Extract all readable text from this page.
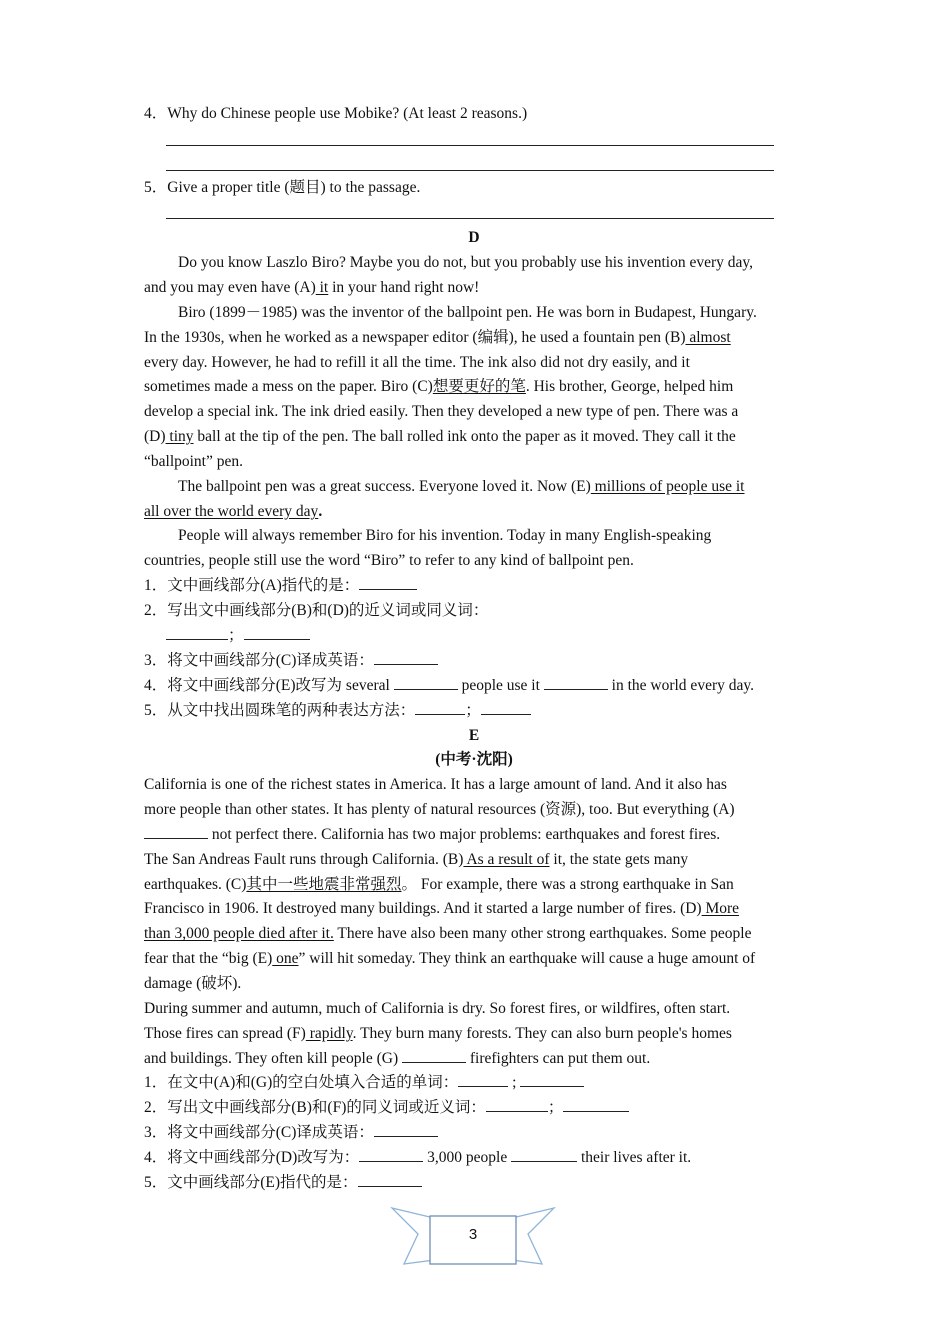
4．Why do Chinese people use Mobike? (At least 2 reasons.)
5．Give a proper title (题目) to the passage.
D
Do you know Laszlo Biro? Maybe you do not, but you probably use his invention every day,
and you may even have (A) it in your hand right now!
Biro (1899－1985) was the inventor of the ballpoint pen. He was born in Budapest, Hungary.
In the 1930s, when he worked as a newspaper editor (编辑), he used a fountain pen (B) almost
every day. However, he had to refill it all the time. The ink also did not dry easily, and it
sometimes made a mess on the paper. Biro (C)想要更好的笔. His brother, George, helped him
develop a special ink. The ink dried easily. Then they developed a new type of pen. There was a
(D) tiny ball at the tip of the pen. The ball rolled ink onto the paper as it moved. They call it the
“ballpoint” pen.
The ballpoint pen was a great success. Everyone loved it. Now (E) millions of people use it
all over the world every day.
People will always remember Biro for his invention. Today in many English-speaking
countries, people still use the word “Biro” to refer to any kind of ballpoint pen.
1．文中画线部分(A)指代的是：
2．写出文中画线部分(B)和(D)的近义词或同义词：
；
3．将文中画线部分(C)译成英语：
4．将文中画线部分(E)改写为 several	people use it	in the world every day.
5．从文中找出圆珠笔的两种表达方法：	；
E
(中考·沈阳)
California is one of the richest states in America. It has a large amount of land. And it also has
more people than other states. It has plenty of natural resources (资源), too. But everything (A)
not perfect there. California has two major problems: earthquakes and forest fires.
The San Andreas Fault runs through California. (B) As a result of it, the state gets many
earthquakes. (C)其中一些地震非常强烈。 For example, there was a strong earthquake in San
Francisco in 1906. It destroyed many buildings. And it started a large number of fires. (D) More
than 3,000 people died after it. There have also been many other strong earthquakes. Some people
fear that the “big (E) one” will hit someday. They think an earthquake will cause a huge amount of
damage (破坏).
During summer and autumn, much of California is dry. So forest fires, or wildfires, often start.
Those fires can spread (F) rapidly. They burn many forests. They can also burn people's homes
and buildings. They often kill people (G)	firefighters can put them out.
1．在文中(A)和(G)的空白处填入合适的单词：	;
2．写出文中画线部分(B)和(F)的同义词或近义词：	；
3．将文中画线部分(C)译成英语：
4．将文中画线部分(D)改写为：	3,000 people	their lives after it.
5．文中画线部分(E)指代的是：
3
